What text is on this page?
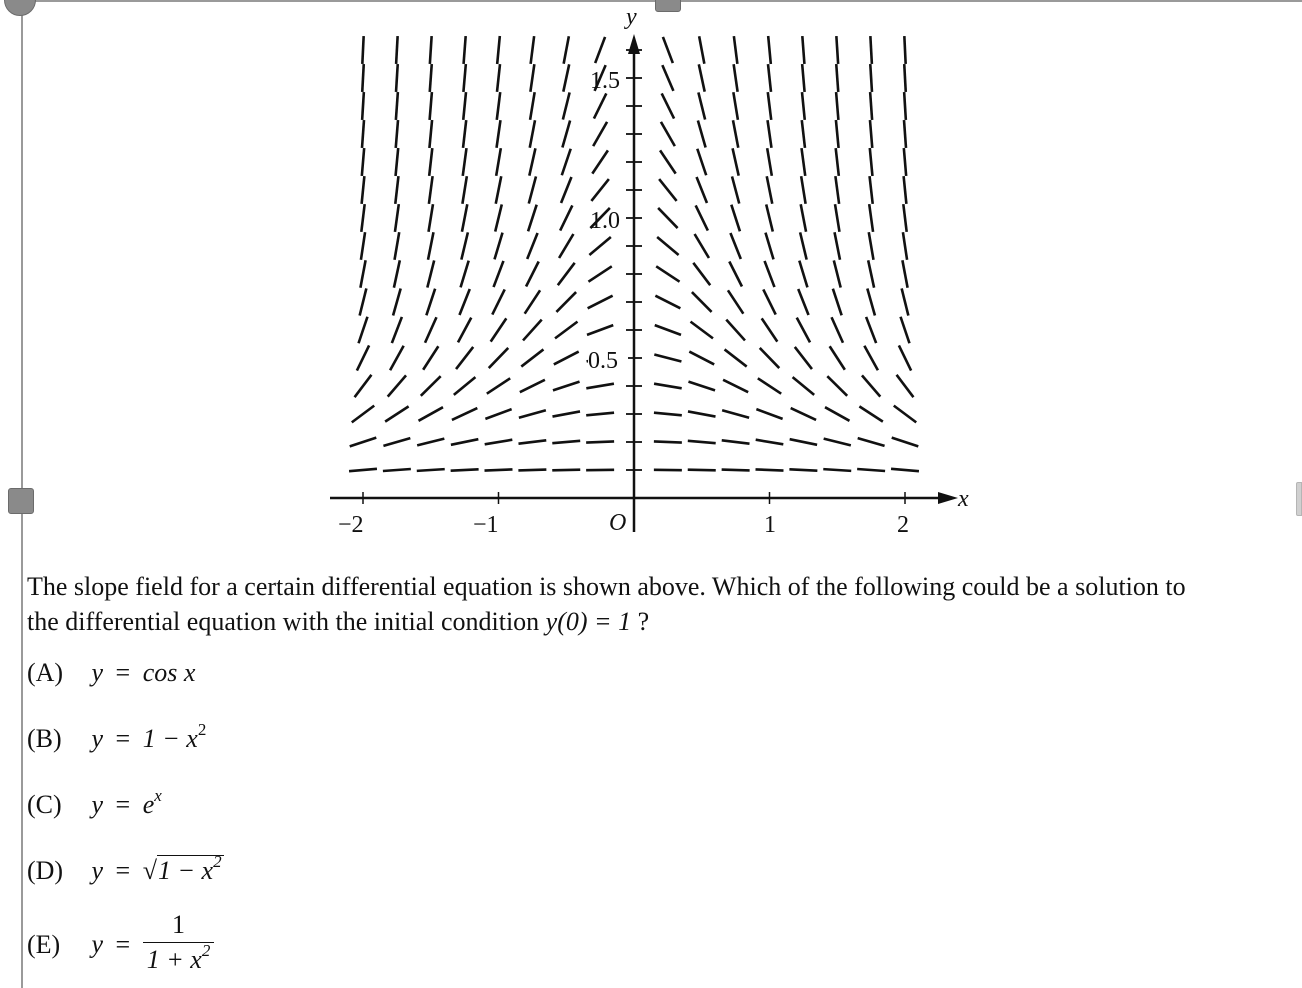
x
y
−2	−1	1	2
O
0.5
1.0
1.5

The slope field for a certain differential equation is shown above. Which of the following could be a solution to
the differential equation with the initial condition y(0) = 1 ?

(A) y = cos x
(B) $y = 1 - x^2$
(C) $y = e^x$
(D) $y = √1 - x^2$
(E) $y = \frac{1}{1 + x^2}$
